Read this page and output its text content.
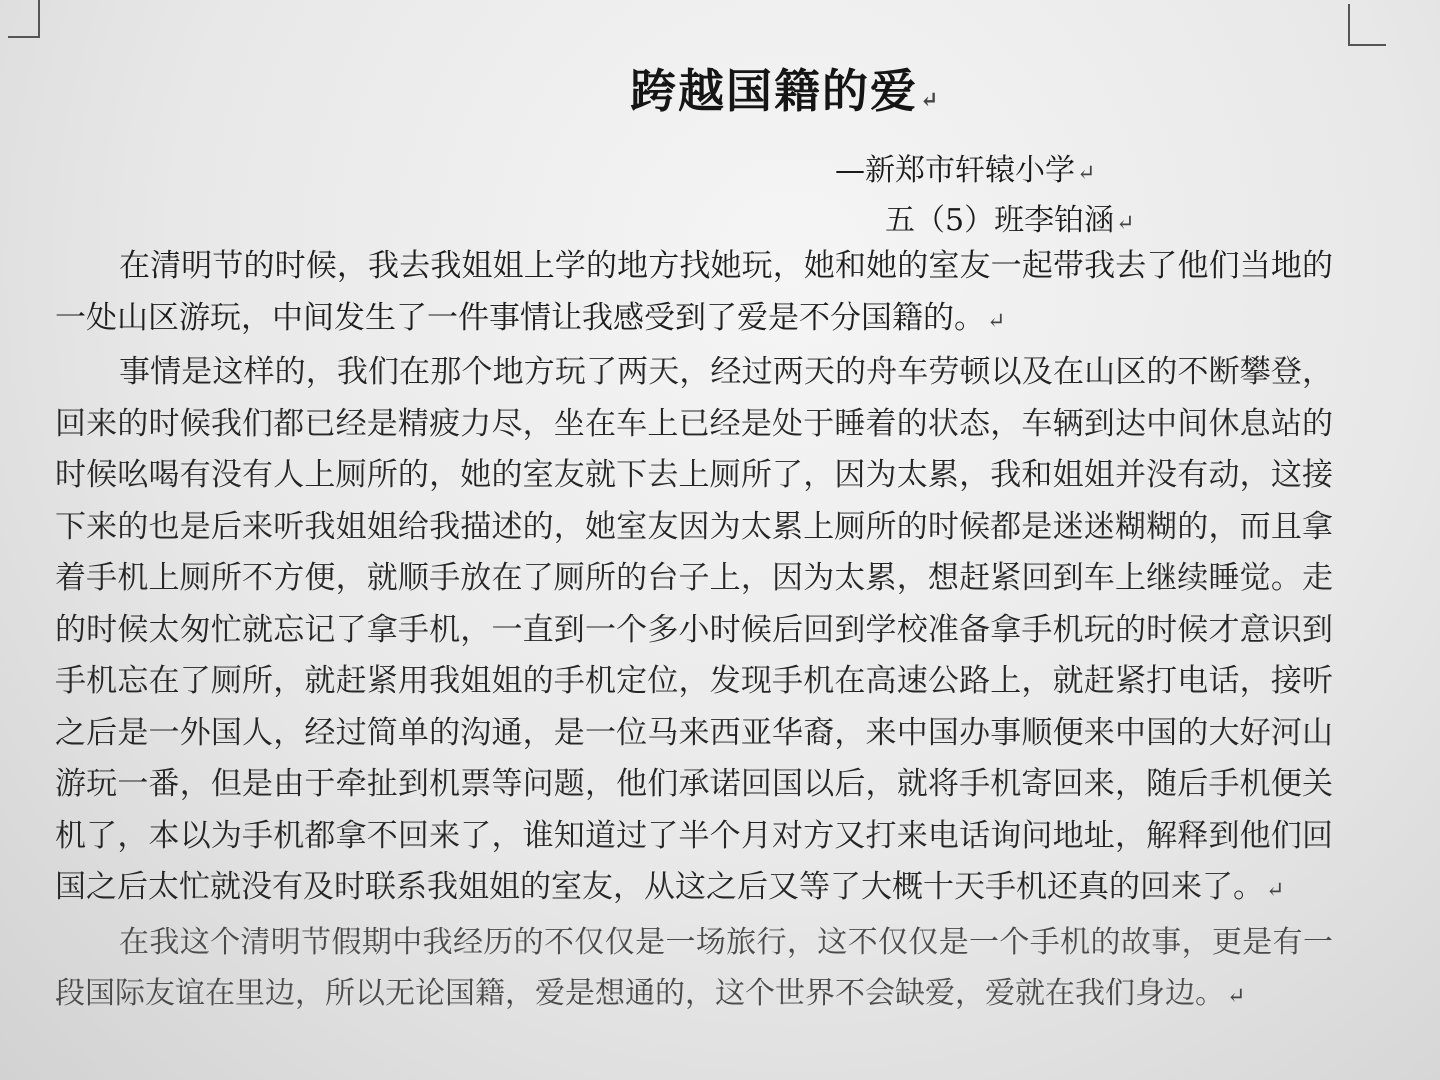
跨越国籍的爱↵
—新郑市轩辕小学↵
五（5）班李铂涵↵

在清明节的时候，我去我姐姐上学的地方找她玩，她和她的室友一起带我去了他们当地的一处山区游玩，中间发生了一件事情让我感受到了爱是不分国籍的。↵

事情是这样的，我们在那个地方玩了两天，经过两天的舟车劳顿以及在山区的不断攀登，回来的时候我们都已经是精疲力尽，坐在车上已经是处于睡着的状态，车辆到达中间休息站的时候吆喝有没有人上厕所的，她的室友就下去上厕所了，因为太累，我和姐姐并没有动，这接下来的也是后来听我姐姐给我描述的，她室友因为太累上厕所的时候都是迷迷糊糊的，而且拿着手机上厕所不方便，就顺手放在了厕所的台子上，因为太累，想赶紧回到车上继续睡觉。走的时候太匆忙就忘记了拿手机，一直到一个多小时候后回到学校准备拿手机玩的时候才意识到手机忘在了厕所，就赶紧用我姐姐的手机定位，发现手机在高速公路上，就赶紧打电话，接听之后是一外国人，经过简单的沟通，是一位马来西亚华裔，来中国办事顺便来中国的大好河山游玩一番，但是由于牵扯到机票等问题，他们承诺回国以后，就将手机寄回来，随后手机便关机了，本以为手机都拿不回来了，谁知道过了半个月对方又打来电话询问地址，解释到他们回国之后太忙就没有及时联系我姐姐的室友，从这之后又等了大概十天手机还真的回来了。↵

在我这个清明节假期中我经历的不仅仅是一场旅行，这不仅仅是一个手机的故事，更是有一段国际友谊在里边，所以无论国籍，爱是想通的，这个世界不会缺爱，爱就在我们身边。↵
